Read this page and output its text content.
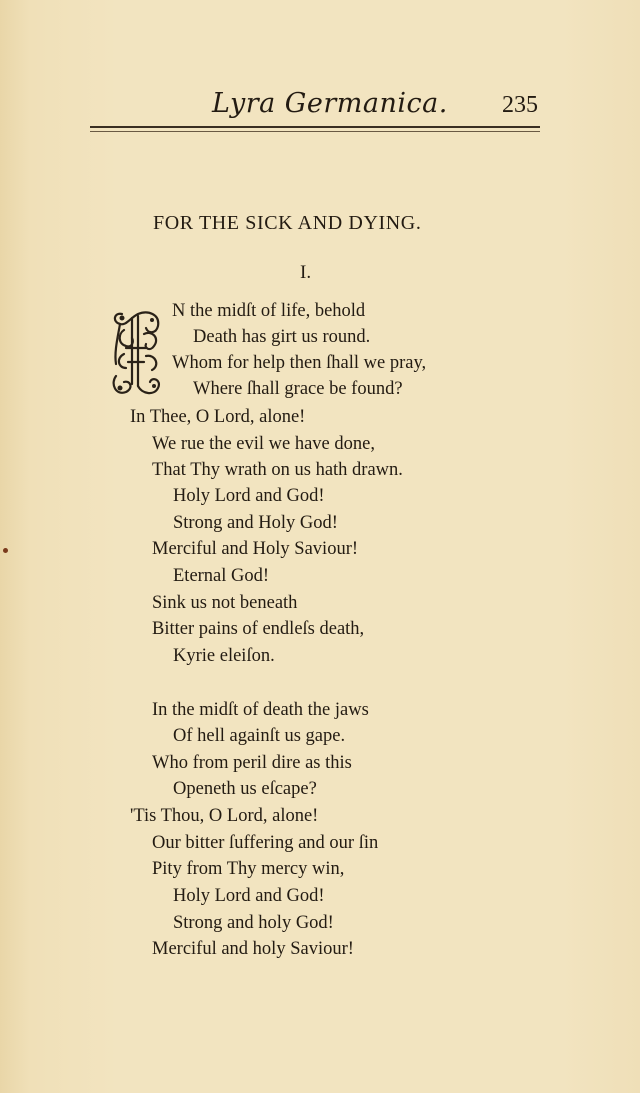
Lyra Germanica. 235
FOR THE SICK AND DYING.
I.
N the midſt of life, behold
Death has girt us round.
Whom for help then ſhall we pray,
Where ſhall grace be found?
In Thee, O Lord, alone!
We rue the evil we have done,
That Thy wrath on us hath drawn.
Holy Lord and God!
Strong and Holy God!
Merciful and Holy Saviour!
Eternal God!
Sink us not beneath
Bitter pains of endleſs death,
Kyrie eleiſon.
In the midſt of death the jaws
Of hell againſt us gape.
Who from peril dire as this
Openeth us eſcape?
'Tis Thou, O Lord, alone!
Our bitter ſuffering and our ſin
Pity from Thy mercy win,
Holy Lord and God!
Strong and holy God!
Merciful and holy Saviour!
